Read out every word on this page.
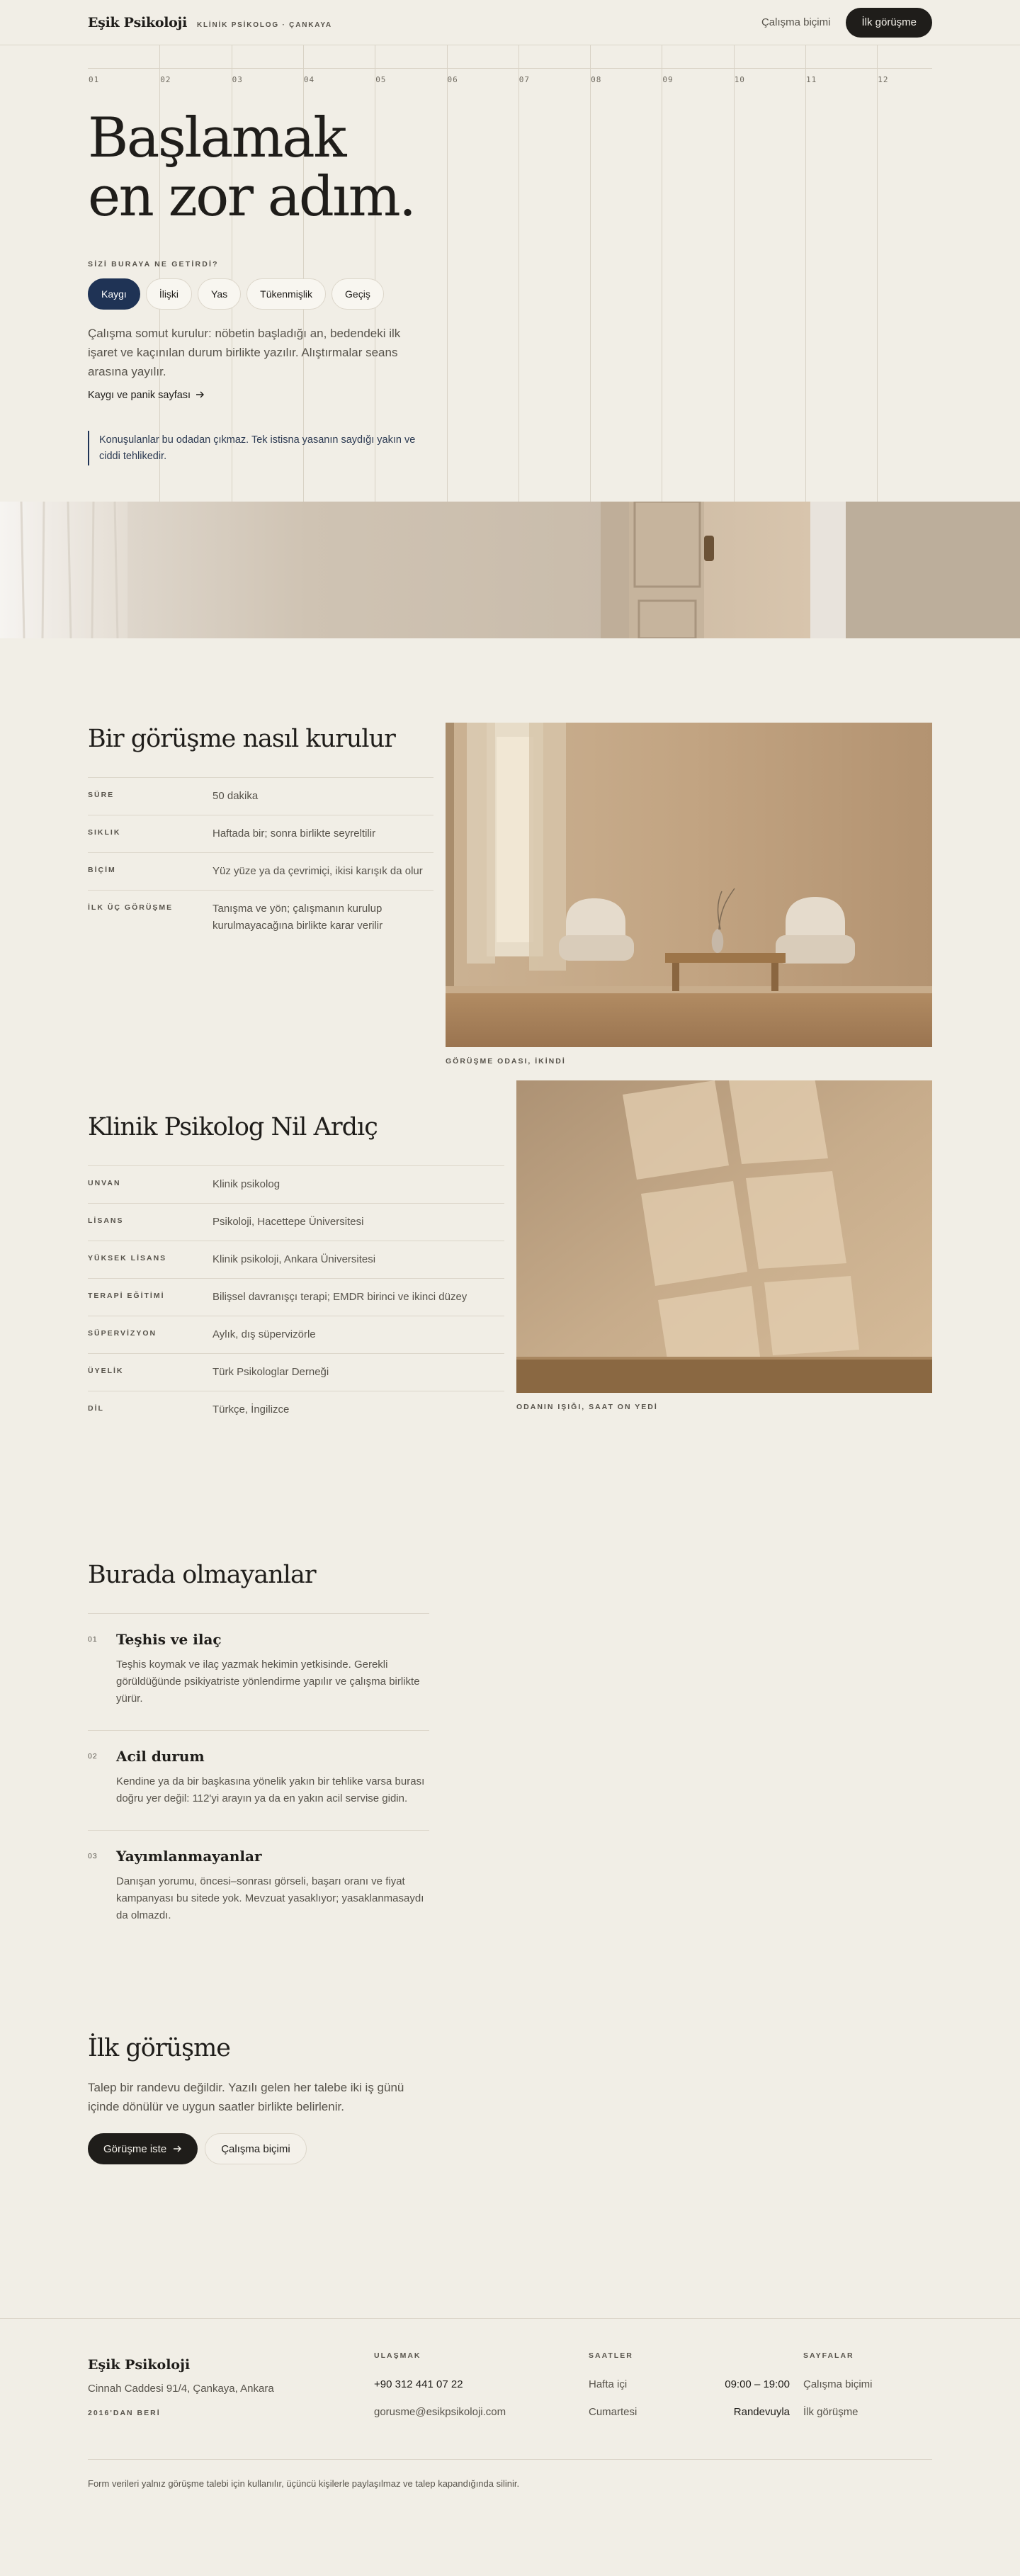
Eşik Psikoloji KLİNİK PSİKOLOG · ÇANKAYA	Çalışma biçimi	İlk görüşme
01	02	03	04	05	06	07	08	09	10	11	12
Başlamak
en zor adım.
SİZİ BURAYA NE GETİRDİ?
Kaygı	İlişki	Yas	Tükenmişlik	Geçiş

Çalışma somut kurulur: nöbetin başladığı an, bedendeki ilk işaret ve kaçınılan durum birlikte yazılır. Alıştırmalar seans arasına yayılır.

Kaygı ve panik sayfası
Konuşulanlar bu odadan çıkmaz. Tek istisna yasanın saydığı yakın ve ciddi tehlikedir.
Bir görüşme nasıl kurulur
SÜRE	50 dakika
SIKLIK	Haftada bir; sonra birlikte seyreltilir
BİÇİM	Yüz yüze ya da çevrimiçi, ikisi karışık da olur
İLK ÜÇ GÖRÜŞME	Tanışma ve yön; çalışmanın kurulup kurulmayacağına birlikte karar verilir
GÖRÜŞME ODASI, İKİNDİ
Klinik Psikolog Nil Ardıç
UNVAN	Klinik psikolog
LİSANS	Psikoloji, Hacettepe Üniversitesi
YÜKSEK LİSANS	Klinik psikoloji, Ankara Üniversitesi
TERAPİ EĞİTİMİ	Bilişsel davranışçı terapi; EMDR birinci ve ikinci düzey
SÜPERVİZYON	Aylık, dış süpervizörle
ÜYELİK	Türk Psikologlar Derneği
DİL	Türkçe, İngilizce	ODANIN IŞIĞI, SAAT ON YEDİ
Burada olmayanlar
01	Teşhis ve ilaç
Teşhis koymak ve ilaç yazmak hekimin yetkisinde. Gerekli görüldüğünde psikiyatriste yönlendirme yapılır ve çalışma birlikte yürür.
02	Acil durum
Kendine ya da bir başkasına yönelik yakın bir tehlike varsa burası doğru yer değil: 112'yi arayın ya da en yakın acil servise gidin.
03	Yayımlanmayanlar
Danışan yorumu, öncesi–sonrası görseli, başarı oranı ve fiyat kampanyası bu sitede yok. Mevzuat yasaklıyor; yasaklanmasaydı da olmazdı.
İlk görüşme

Talep bir randevu değildir. Yazılı gelen her talebe iki iş günü içinde dönülür ve uygun saatler birlikte belirlenir.

Görüşme iste	Çalışma biçimi
Eşik Psikoloji
Cinnah Caddesi 91/4, Çankaya, Ankara
2016'DAN BERİ
ULAŞMAK
+90 312 441 07 22
gorusme@esikpsikoloji.com
SAATLER
Hafta içi	09:00 – 19:00
Cumartesi	Randevuyla
SAYFALAR
Çalışma biçimi
İlk görüşme
Form verileri yalnız görüşme talebi için kullanılır, üçüncü kişilerle paylaşılmaz ve talep kapandığında silinir.
